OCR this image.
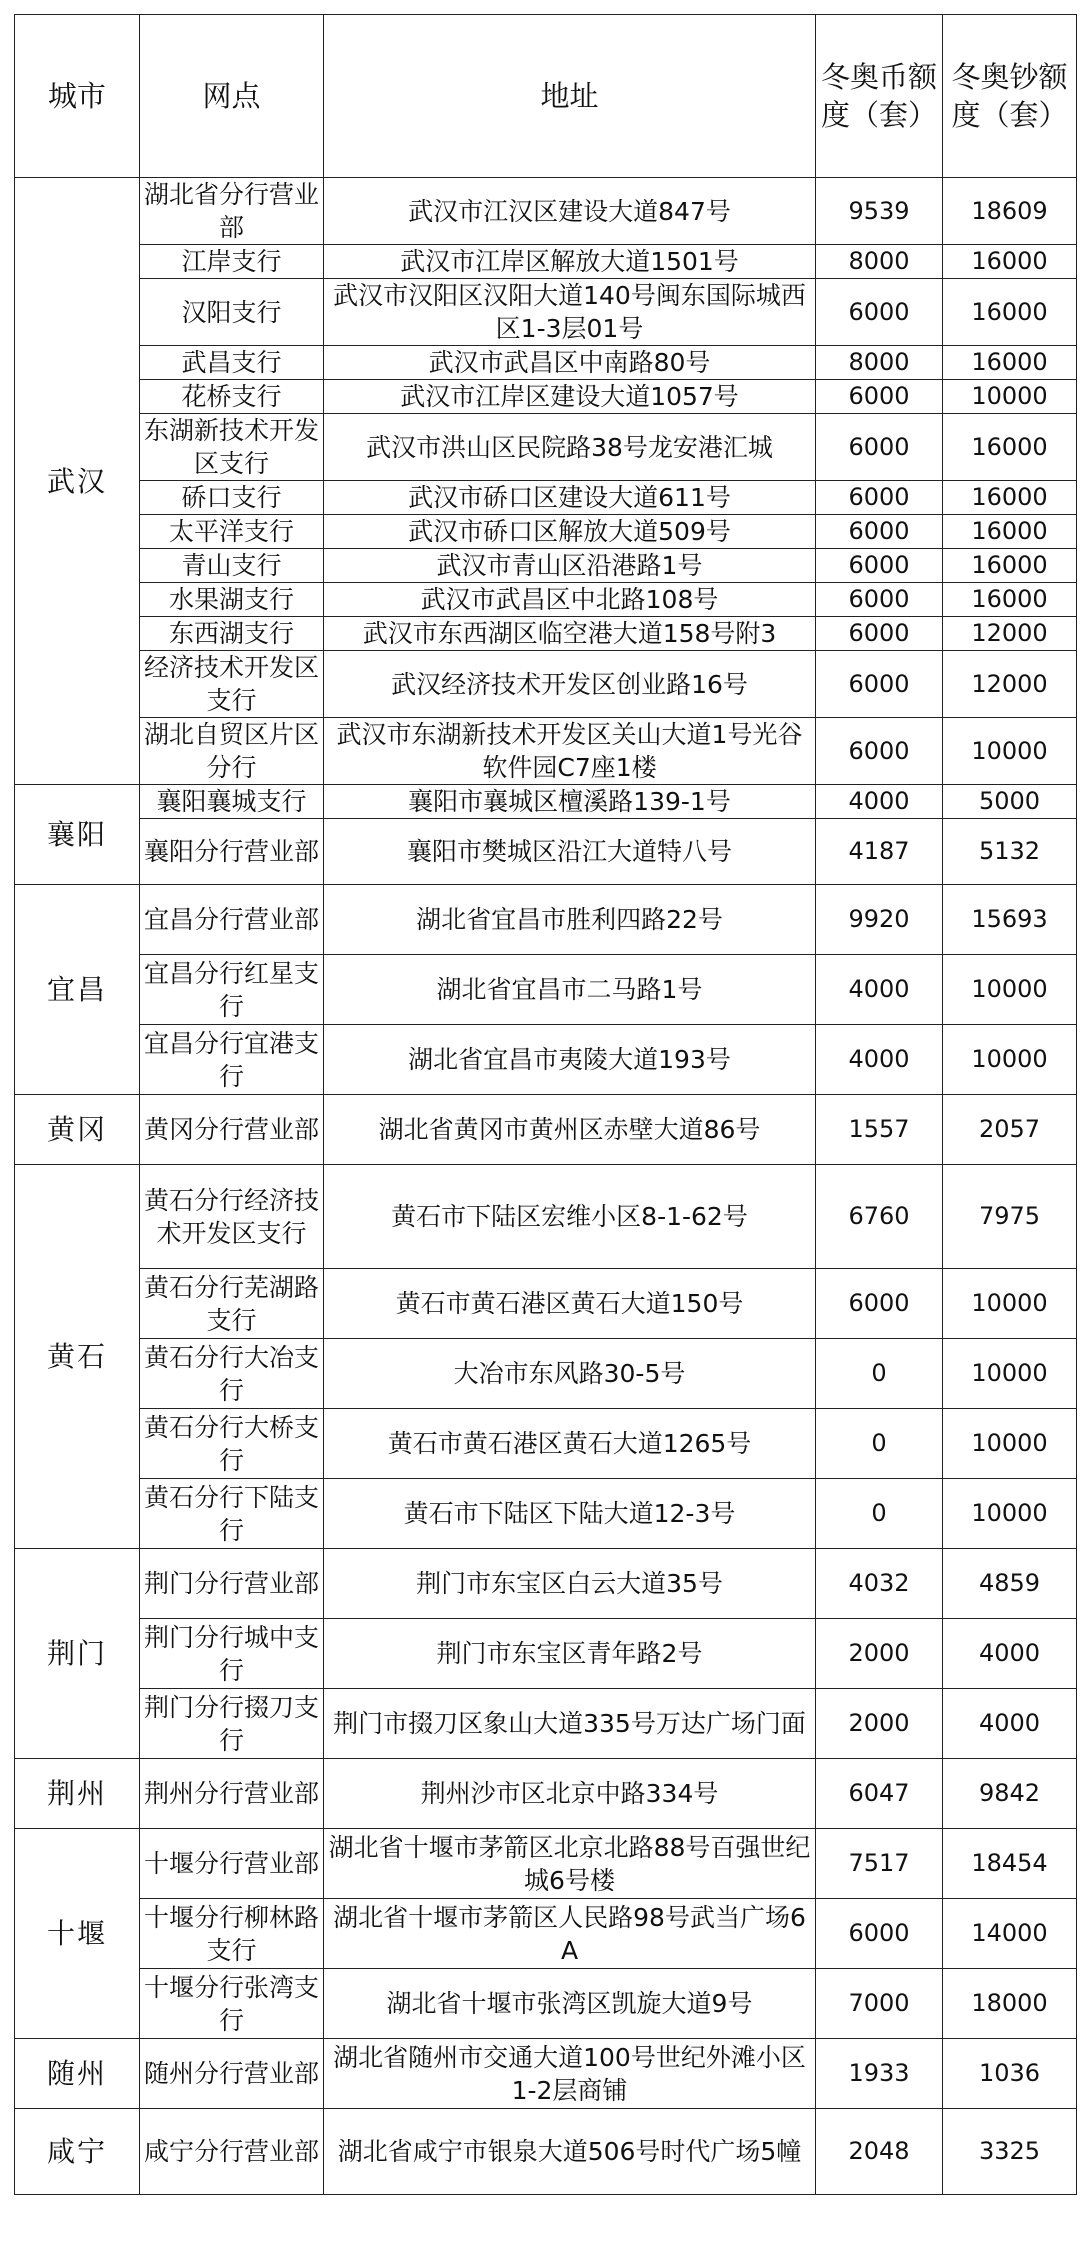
城市	网点	地址	冬奥币额度（套）	冬奥钞额度（套）
武汉	湖北省分行营业部	武汉市江汉区建设大道847号	9539	18609
	江岸支行	武汉市江岸区解放大道1501号	8000	16000
	汉阳支行	武汉市汉阳区汉阳大道140号闽东国际城西区1-3层01号	6000	16000
	武昌支行	武汉市武昌区中南路80号	8000	16000
	花桥支行	武汉市江岸区建设大道1057号	6000	10000
	东湖新技术开发区支行	武汉市洪山区民院路38号龙安港汇城	6000	16000
	硚口支行	武汉市硚口区建设大道611号	6000	16000
	太平洋支行	武汉市硚口区解放大道509号	6000	16000
	青山支行	武汉市青山区沿港路1号	6000	16000
	水果湖支行	武汉市武昌区中北路108号	6000	16000
	东西湖支行	武汉市东西湖区临空港大道158号附3	6000	12000
	经济技术开发区支行	武汉经济技术开发区创业路16号	6000	12000
	湖北自贸区片区分行	武汉市东湖新技术开发区关山大道1号光谷软件园C7座1楼	6000	10000
襄阳	襄阳襄城支行	襄阳市襄城区檀溪路139-1号	4000	5000
	襄阳分行营业部	襄阳市樊城区沿江大道特八号	4187	5132
宜昌	宜昌分行营业部	湖北省宜昌市胜利四路22号	9920	15693
	宜昌分行红星支行	湖北省宜昌市二马路1号	4000	10000
	宜昌分行宜港支行	湖北省宜昌市夷陵大道193号	4000	10000
黄冈	黄冈分行营业部	湖北省黄冈市黄州区赤壁大道86号	1557	2057
黄石	黄石分行经济技术开发区支行	黄石市下陆区宏维小区8-1-62号	6760	7975
	黄石分行芜湖路支行	黄石市黄石港区黄石大道150号	6000	10000
	黄石分行大冶支行	大冶市东风路30-5号	0	10000
	黄石分行大桥支行	黄石市黄石港区黄石大道1265号	0	10000
	黄石分行下陆支行	黄石市下陆区下陆大道12-3号	0	10000
荆门	荆门分行营业部	荆门市东宝区白云大道35号	4032	4859
	荆门分行城中支行	荆门市东宝区青年路2号	2000	4000
	荆门分行掇刀支行	荆门市掇刀区象山大道335号万达广场门面	2000	4000
荆州	荆州分行营业部	荆州沙市区北京中路334号	6047	9842
十堰	十堰分行营业部	湖北省十堰市茅箭区北京北路88号百强世纪城6号楼	7517	18454
	十堰分行柳林路支行	湖北省十堰市茅箭区人民路98号武当广场6A	6000	14000
	十堰分行张湾支行	湖北省十堰市张湾区凯旋大道9号	7000	18000
随州	随州分行营业部	湖北省随州市交通大道100号世纪外滩小区1-2层商铺	1933	1036
咸宁	咸宁分行营业部	湖北省咸宁市银泉大道506号时代广场5幢	2048	3325
